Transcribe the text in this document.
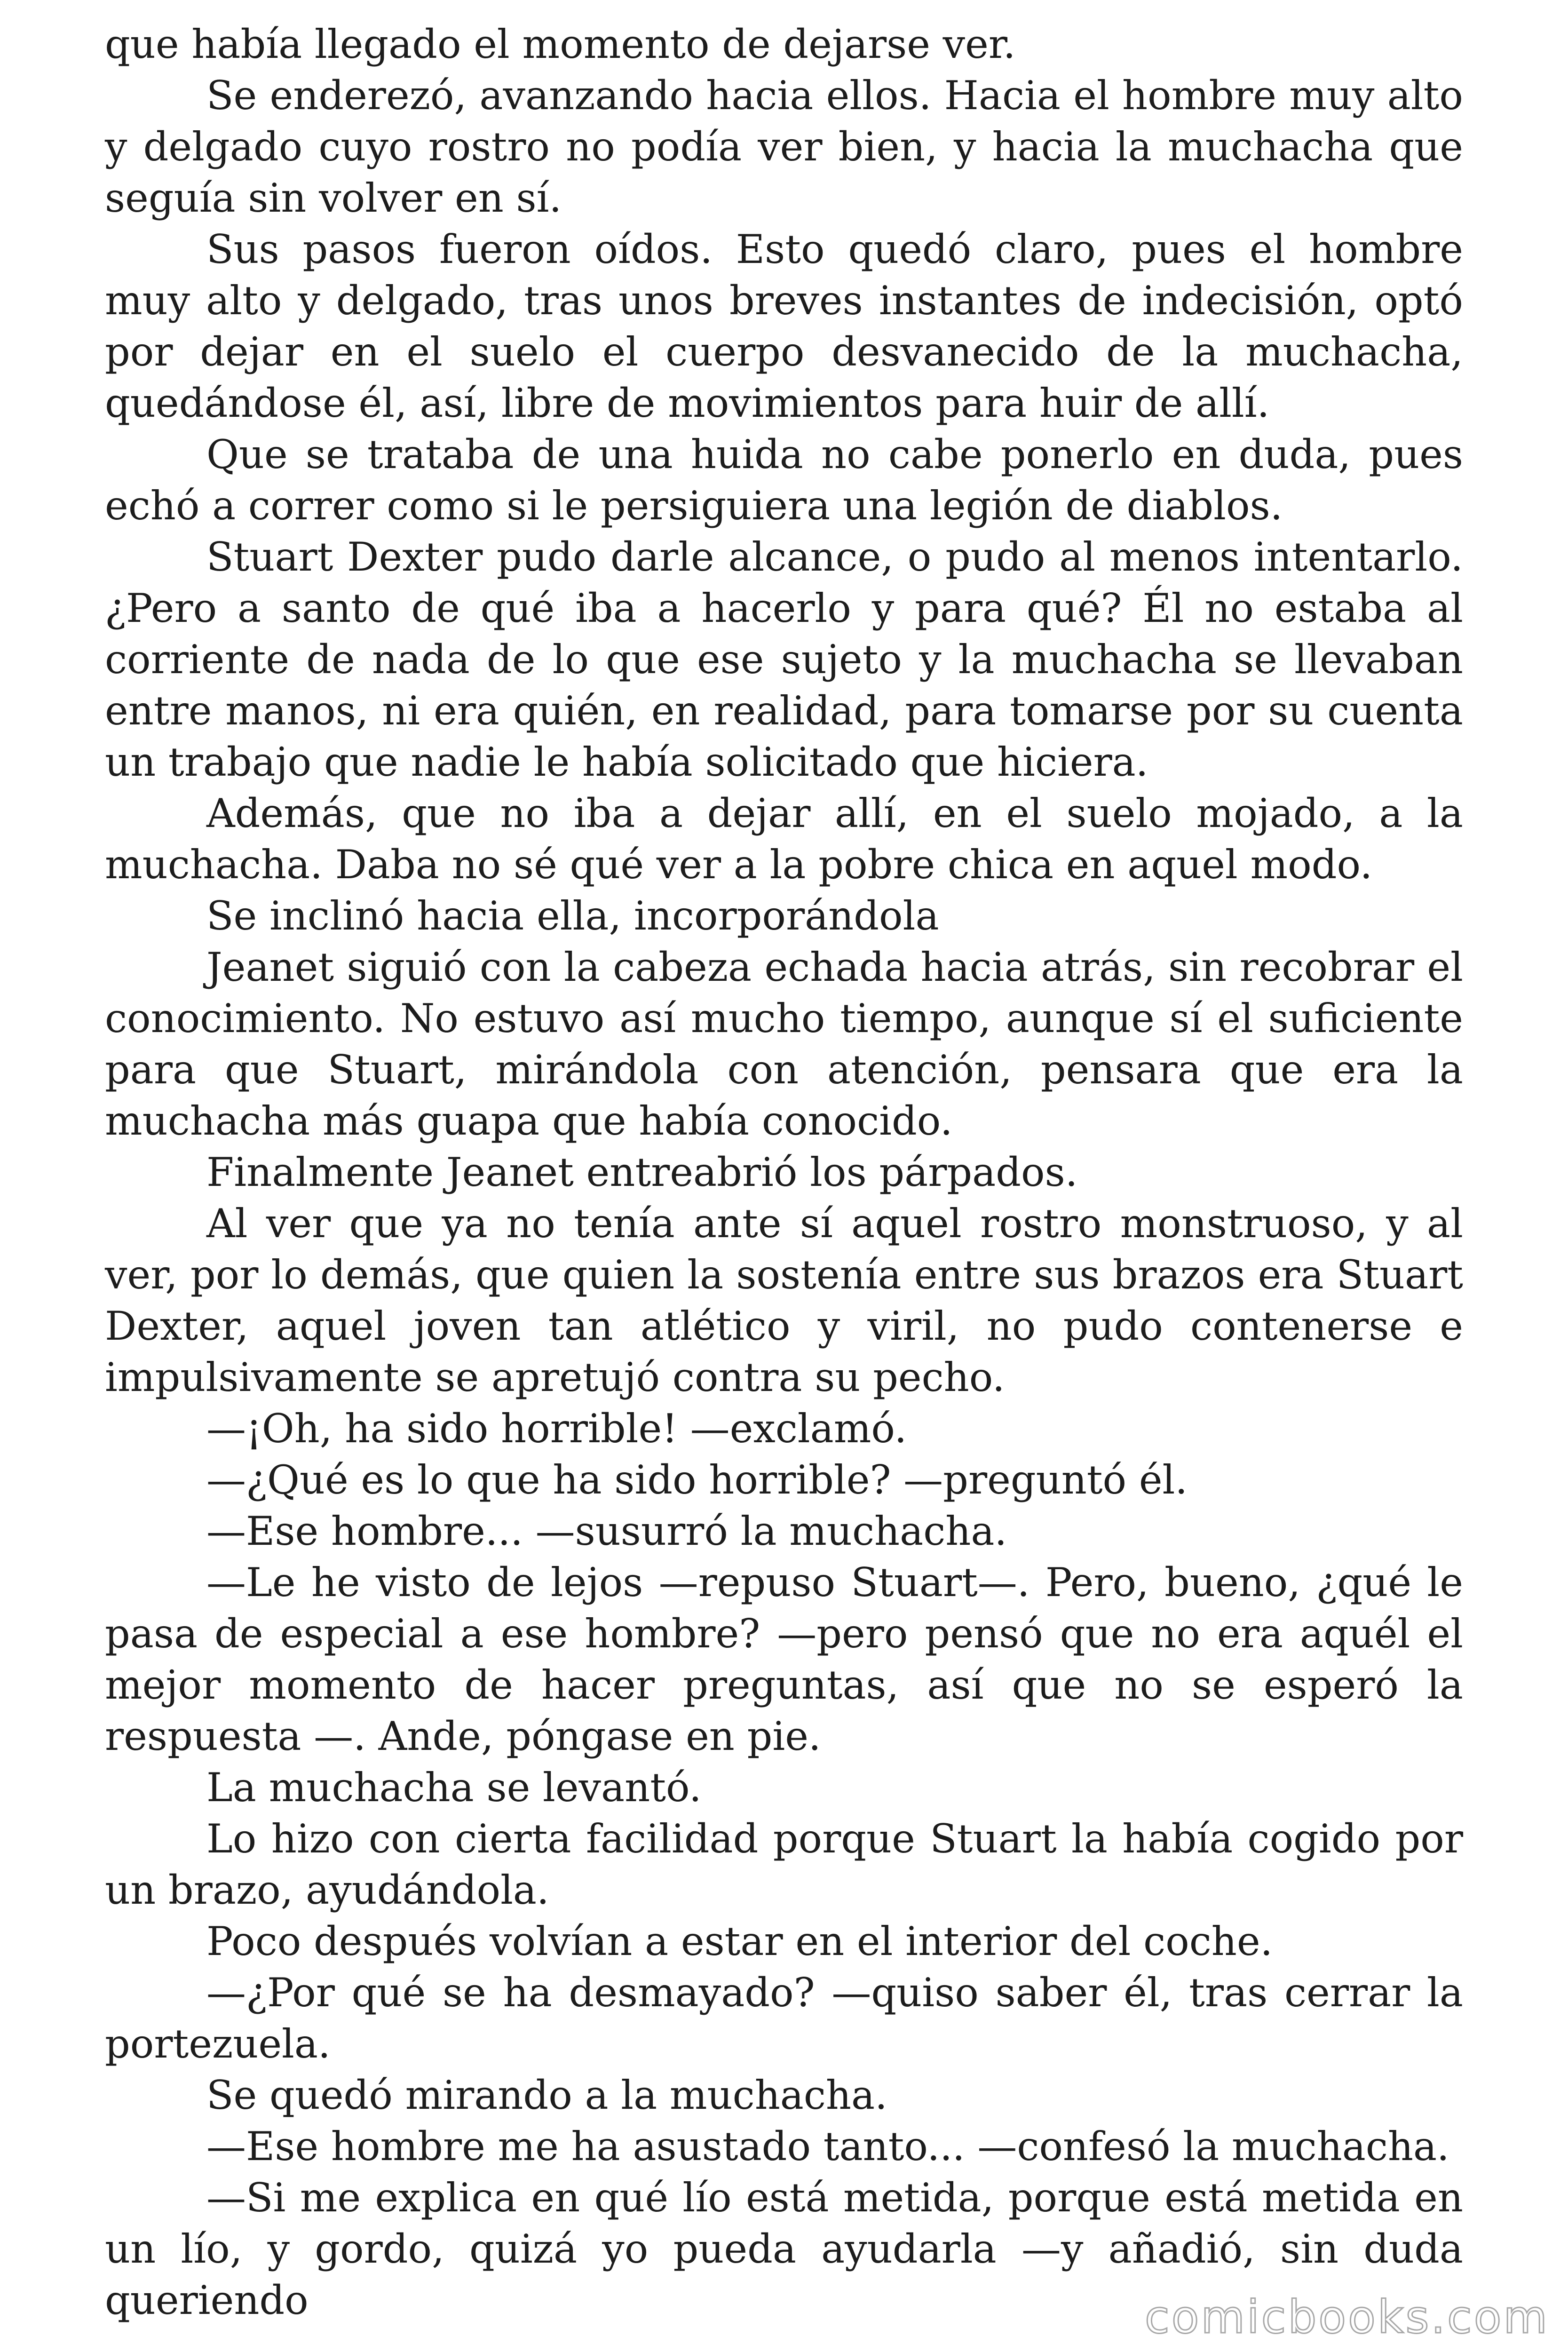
que había llegado el momento de dejarse ver.

Se enderezó, avanzando hacia ellos. Hacia el hombre muy alto y delgado cuyo rostro no podía ver bien, y hacia la muchacha que seguía sin volver en sí.

Sus pasos fueron oídos. Esto quedó claro, pues el hombre muy alto y delgado, tras unos breves instantes de indecisión, optó por dejar en el suelo el cuerpo desvanecido de la muchacha, quedándose él, así, libre de movimientos para huir de allí.

Que se trataba de una huida no cabe ponerlo en duda, pues echó a correr como si le persiguiera una legión de diablos.

Stuart Dexter pudo darle alcance, o pudo al menos intentarlo. ¿Pero a santo de qué iba a hacerlo y para qué? Él no estaba al corriente de nada de lo que ese sujeto y la muchacha se llevaban entre manos, ni era quién, en realidad, para tomarse por su cuenta un trabajo que nadie le había solicitado que hiciera.

Además, que no iba a dejar allí, en el suelo mojado, a la muchacha. Daba no sé qué ver a la pobre chica en aquel modo.

Se inclinó hacia ella, incorporándola

Jeanet siguió con la cabeza echada hacia atrás, sin recobrar el conocimiento. No estuvo así mucho tiempo, aunque sí el suficiente para que Stuart, mirándola con atención, pensara que era la muchacha más guapa que había conocido.

Finalmente Jeanet entreabrió los párpados.

Al ver que ya no tenía ante sí aquel rostro monstruoso, y al ver, por lo demás, que quien la sostenía entre sus brazos era Stuart Dexter, aquel joven tan atlético y viril, no pudo contenerse e impulsivamente se apretujó contra su pecho.

—¡Oh, ha sido horrible! —exclamó.

—¿Qué es lo que ha sido horrible? —preguntó él.

—Ese hombre... —susurró la muchacha.

—Le he visto de lejos —repuso Stuart—. Pero, bueno, ¿qué le pasa de especial a ese hombre? —pero pensó que no era aquél el mejor momento de hacer preguntas, así que no se esperó la respuesta —. Ande, póngase en pie.

La muchacha se levantó.

Lo hizo con cierta facilidad porque Stuart la había cogido por un brazo, ayudándola.

Poco después volvían a estar en el interior del coche.

—¿Por qué se ha desmayado? —quiso saber él, tras cerrar la portezuela.

Se quedó mirando a la muchacha.

—Ese hombre me ha asustado tanto... —confesó la muchacha.

—Si me explica en qué lío está metida, porque está metida en un lío, y gordo, quizá yo pueda ayudarla —y añadió, sin duda queriendo	comicbooks.com
